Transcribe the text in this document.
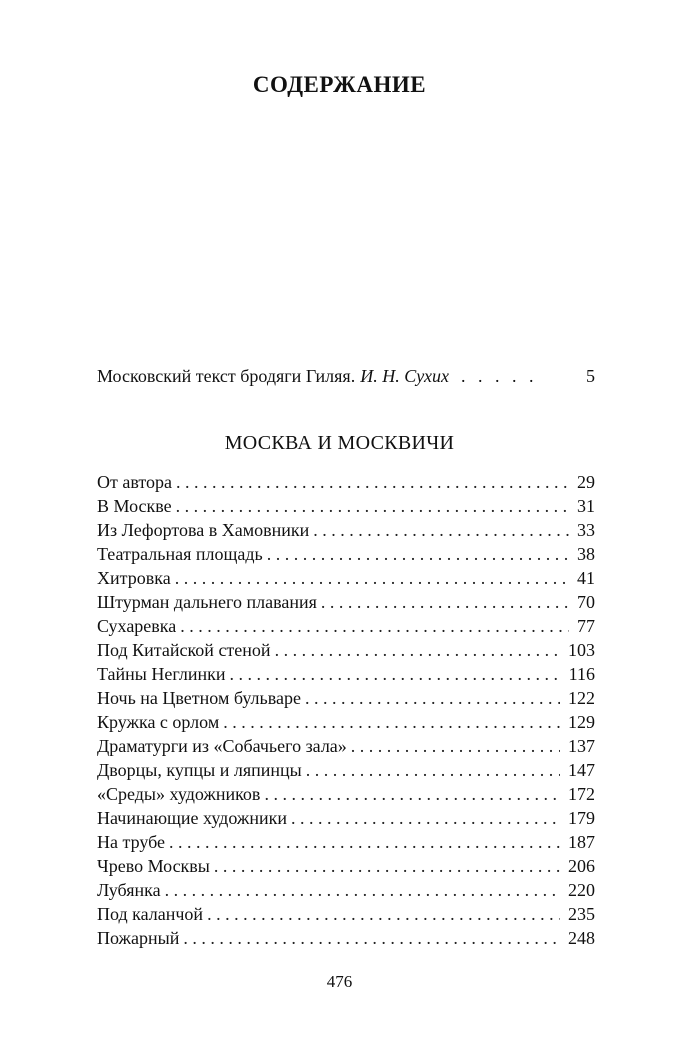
СОДЕРЖАНИЕ
Московский текст бродяги Гиляя. И. Н. Сухих . . . . .	5
МОСКВА И МОСКВИЧИ
От автора . . .	29
В Москве . . .	31
Из Лефортова в Хамовники . . .	33
Театральная площадь . . .	38
Хитровка . . .	41
Штурман дальнего плавания . . .	70
Сухаревка . . .	77
Под Китайской стеной . . .	103
Тайны Неглинки . . .	116
Ночь на Цветном бульваре . . .	122
Кружка с орлом . . .	129
Драматурги из «Собачьего зала» . . .	137
Дворцы, купцы и ляпинцы . . .	147
«Среды» художников . . .	172
Начинающие художники . . .	179
На трубе . . .	187
Чрево Москвы . . .	206
Лубянка . . .	220
Под каланчой . . .	235
Пожарный . . .	248
476
